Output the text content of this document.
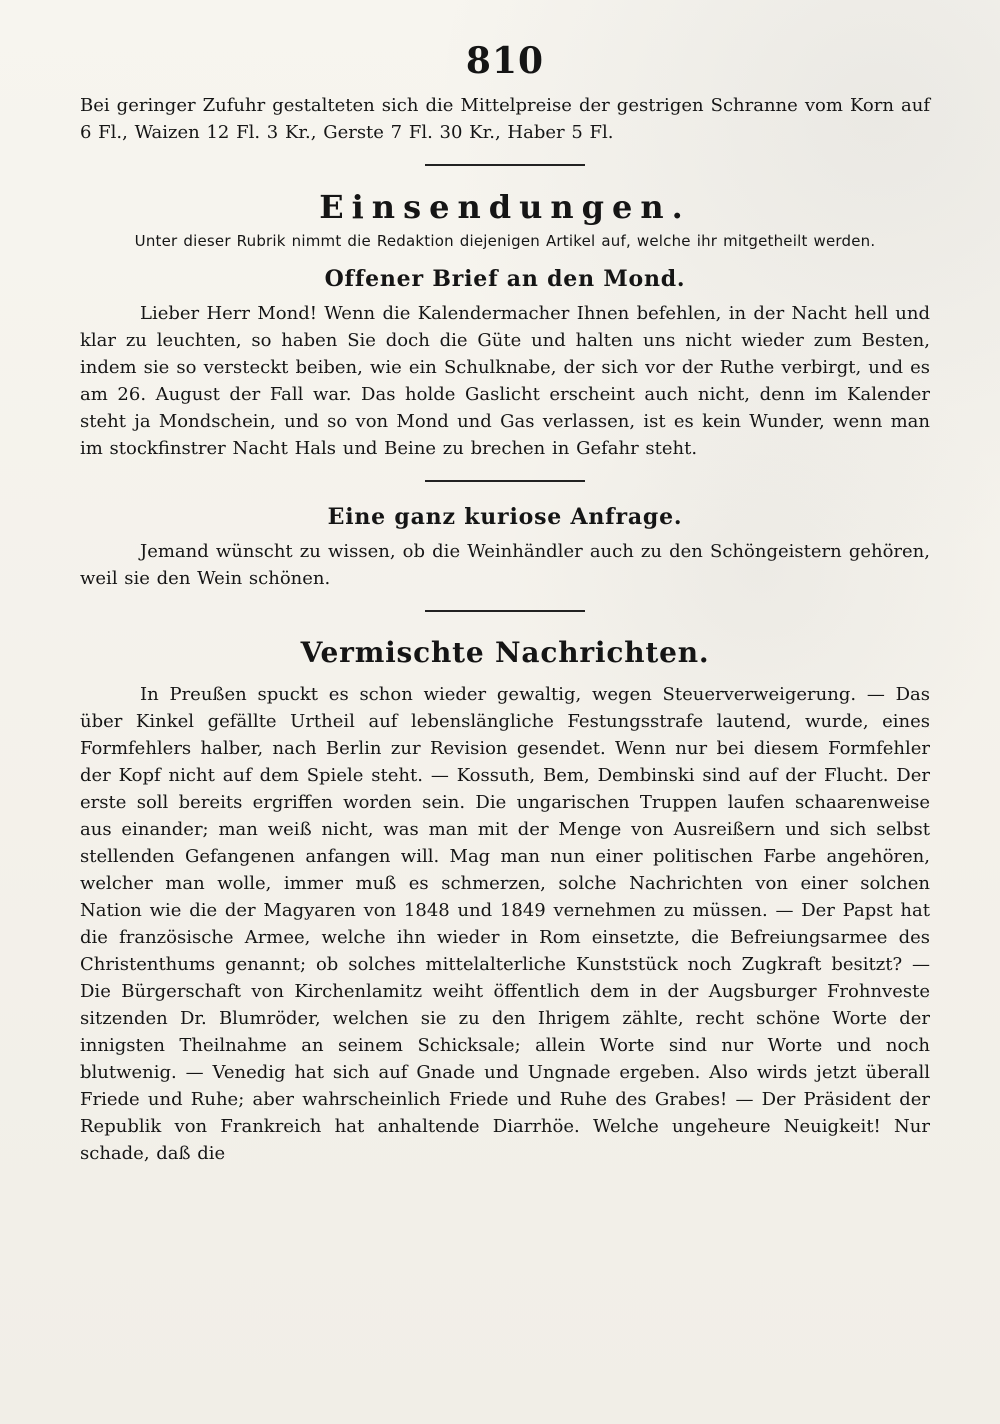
810

Bei geringer Zufuhr gestalteten sich die Mittelpreise der gestrigen Schranne vom Korn auf 6 Fl., Waizen 12 Fl. 3 Kr., Gerste 7 Fl. 30 Kr., Haber 5 Fl.

Einsendungen.

Unter dieser Rubrik nimmt die Redaktion diejenigen Artikel auf, welche ihr mitgetheilt werden.

Offener Brief an den Mond.

Lieber Herr Mond! Wenn die Kalendermacher Ihnen befehlen, in der Nacht hell und klar zu leuchten, so haben Sie doch die Güte und halten uns nicht wieder zum Besten, indem sie so versteckt beiben, wie ein Schulknabe, der sich vor der Ruthe verbirgt, und es am 26. August der Fall war. Das holde Gaslicht erscheint auch nicht, denn im Kalender steht ja Mondschein, und so von Mond und Gas verlassen, ist es kein Wunder, wenn man im stockfinstrer Nacht Hals und Beine zu brechen in Gefahr steht.

Eine ganz kuriose Anfrage.

Jemand wünscht zu wissen, ob die Weinhändler auch zu den Schöngeistern gehören, weil sie den Wein schönen.

Vermischte Nachrichten.

In Preußen spuckt es schon wieder gewaltig, wegen Steuerverweigerung. — Das über Kinkel gefällte Urtheil auf lebenslängliche Festungsstrafe lautend, wurde, eines Formfehlers halber, nach Berlin zur Revision gesendet. Wenn nur bei diesem Formfehler der Kopf nicht auf dem Spiele steht. — Kossuth, Bem, Dembinski sind auf der Flucht. Der erste soll bereits ergriffen worden sein. Die ungarischen Truppen laufen schaarenweise aus einander; man weiß nicht, was man mit der Menge von Ausreißern und sich selbst stellenden Gefangenen anfangen will. Mag man nun einer politischen Farbe angehören, welcher man wolle, immer muß es schmerzen, solche Nachrichten von einer solchen Nation wie die der Magyaren von 1848 und 1849 vernehmen zu müssen. — Der Papst hat die französische Armee, welche ihn wieder in Rom einsetzte, die Befreiungsarmee des Christenthums genannt; ob solches mittelalterliche Kunststück noch Zugkraft besitzt? — Die Bürgerschaft von Kirchenlamitz weiht öffentlich dem in der Augsburger Frohnveste sitzenden Dr. Blumröder, welchen sie zu den Ihrigem zählte, recht schöne Worte der innigsten Theilnahme an seinem Schicksale; allein Worte sind nur Worte und noch blutwenig. — Venedig hat sich auf Gnade und Ungnade ergeben. Also wirds jetzt überall Friede und Ruhe; aber wahrscheinlich Friede und Ruhe des Grabes! — Der Präsident der Republik von Frankreich hat anhaltende Diarrhöe. Welche ungeheure Neuigkeit! Nur schade, daß die
